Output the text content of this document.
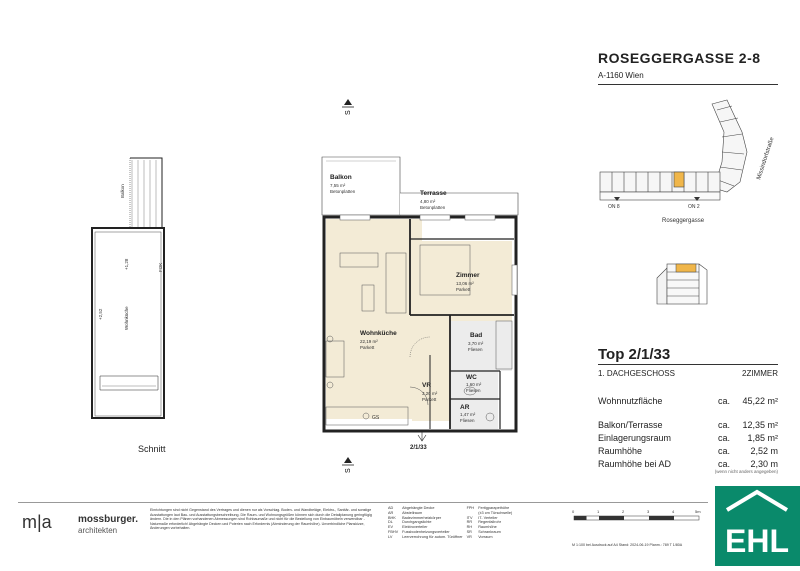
ROSEGGERGASSE 2-8
A-1160 Wien
ON 8	ON 2
Roseggergasse
Missindorfstraße
Top 2/1/33
1. DACHGESCHOSS	2ZIMMER
Wohnnutzfläche	ca. 45,22 m²
Balkon/Terrasse	ca. 12,35 m²
Einlagerungsraum	ca. 1,85 m²
Raumhöhe	ca. 2,52 m
Raumhöhe bei AD	ca. 2,30 m
(wenn nicht anders angegeben)
Balkon
Wohnküche
+2,52
+1,28	FOK
Schnitt
S
S
GS
Balkon
Terrasse
Zimmer
Wohnküche	Bad
WC
VR
AR
7,55 m²
Betonplatten
4,80 m²
Betonplatten
13,06 m²
Parkett
22,19 m²
Parkett
3,70 m²
Fliesen
1,60 m²
Fliesen
3,20 m²
Parkett
1,47 m²
Fliesen
2/1/33
m|a	mossburger.
architekten
Einrichtungen sind nicht Gegenstand des Vertrages und dienen nur als Vorschlag. Boden- und Wandbeläge, Elektro-, Sanitär- und sonstige Ausstattungen laut Bau- und Ausstattungsbeschreibung. Die Raum- und Wohnungsgrößen können sich durch die Detailplanung geringfügig ändern. Die in den Plänen vorhandenen Abmessungen sind Rohbaumaße und nicht für die Bestellung von Einbaumöbeln verwendbar - Naturmaße erforderlich! Abgehängte Decken und Poterien nach Erfordernis (Abminderung der Raumhöhe). Unverbindliche Planskizze, Änderungen vorbehalten.
AD	Abgehängte Decke	FPH	Fertigparapethöhe
AR	Abstellraum		(±3 cm Türschwelle)
BHK	Badezimmerheizkörper	ITV	IT- Verteiler
DL	Durchgangslichte	RR	Regenfallrohr
EV	Elektroverteiler	RH	Raumhöhe
FBHV	Fussbodenheizungsverteiler	SR	Schrankraum
LV	Leerverrohrung für autom. Türöffner	VR	Vorraum
0	1	2	3	4	5m
M 1:100 bei Ausdruck auf A4 Stand: 2024-06-19 Planm.: 789 T 1/80A EHL
